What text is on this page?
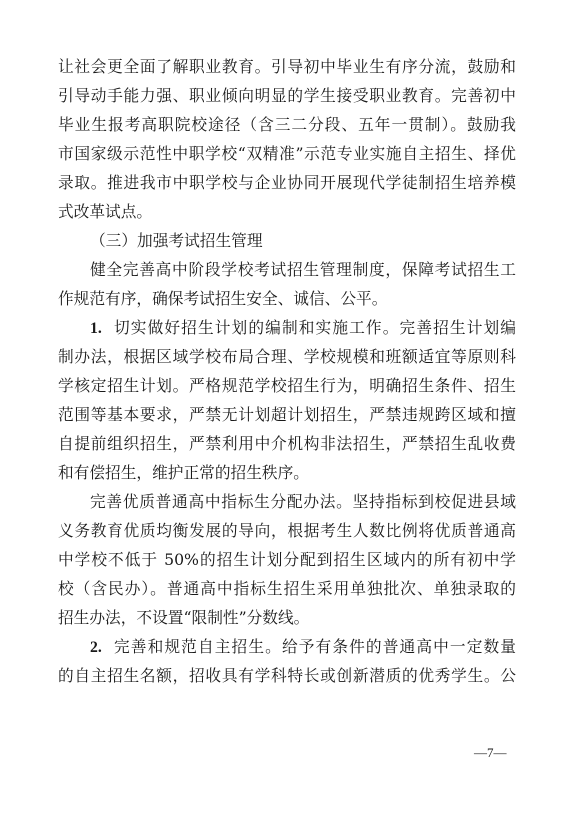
让社会更全面了解职业教育。引导初中毕业生有序分流，鼓励和
引导动手能力强、职业倾向明显的学生接受职业教育。完善初中
毕业生报考高职院校途径（含三二分段、五年一贯制）。鼓励我
市国家级示范性中职学校“双精准”示范专业实施自主招生、择优
录取。推进我市中职学校与企业协同开展现代学徒制招生培养模
式改革试点。
（三）加强考试招生管理
健全完善高中阶段学校考试招生管理制度，保障考试招生工
作规范有序，确保考试招生安全、诚信、公平。
1. 切实做好招生计划的编制和实施工作。完善招生计划编
制办法，根据区域学校布局合理、学校规模和班额适宜等原则科
学核定招生计划。严格规范学校招生行为，明确招生条件、招生
范围等基本要求，严禁无计划超计划招生，严禁违规跨区域和擅
自提前组织招生，严禁利用中介机构非法招生，严禁招生乱收费
和有偿招生，维护正常的招生秩序。
完善优质普通高中指标生分配办法。坚持指标到校促进县域
义务教育优质均衡发展的导向，根据考生人数比例将优质普通高
中学校不低于 50%的招生计划分配到招生区域内的所有初中学
校（含民办）。普通高中指标生招生采用单独批次、单独录取的
招生办法，不设置“限制性”分数线。
2. 完善和规范自主招生。给予有条件的普通高中一定数量
的自主招生名额，招收具有学科特长或创新潜质的优秀学生。公
—7—
